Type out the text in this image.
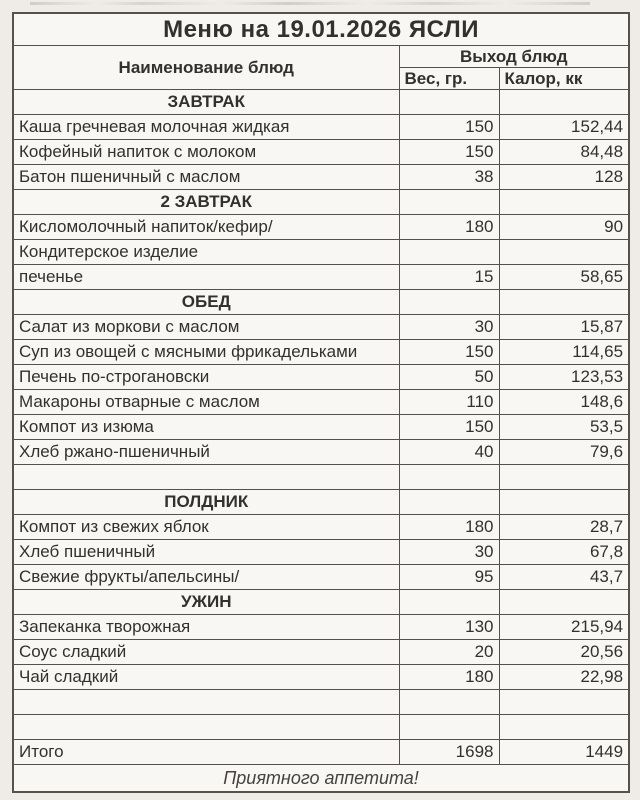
Меню на 19.01.2026 ЯСЛИ		
Наименование блюд	Выход блюд	
	Вес, гр.	Калор, кк
ЗАВТРАК		
Каша гречневая молочная жидкая	150	152,44
Кофейный напиток с молоком	150	84,48
Батон пшеничный с маслом	38	128
2 ЗАВТРАК		
Кисломолочный напиток/кефир/	180	90
Кондитерское изделие		
печенье	15	58,65
ОБЕД		
Салат из моркови с маслом	30	15,87
Суп из овощей с мясными фрикадельками	150	114,65
Печень по-строгановски	50	123,53
Макароны отварные с маслом	110	148,6
Компот из изюма	150	53,5
Хлеб ржано-пшеничный	40	79,6

ПОЛДНИК		
Компот из свежих яблок	180	28,7
Хлеб пшеничный	30	67,8
Свежие фрукты/апельсины/	95	43,7
УЖИН		
Запеканка творожная	130	215,94
Соус сладкий	20	20,56
Чай сладкий	180	22,98

Итого	1698	1449
Приятного аппетита!		
